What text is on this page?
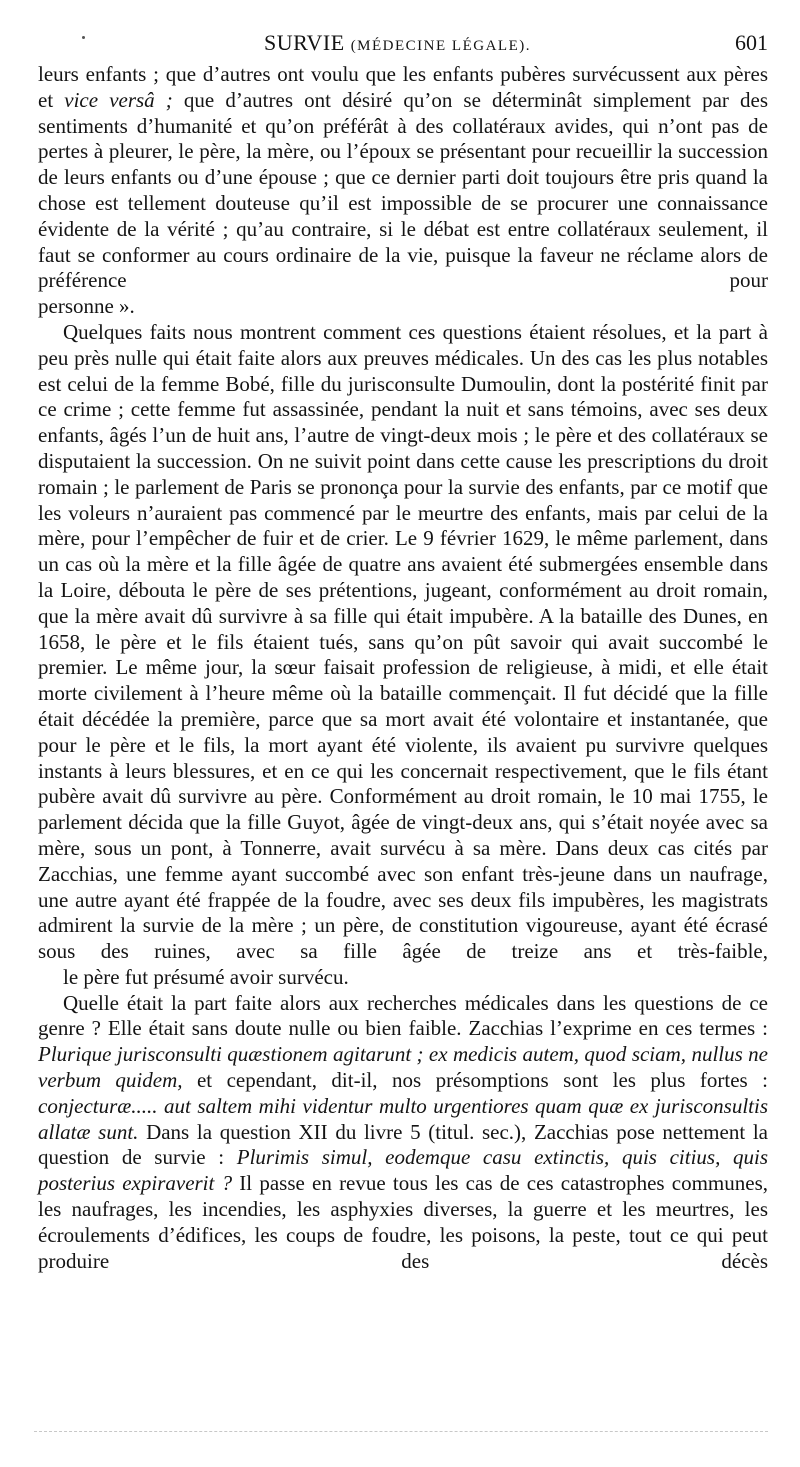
SURVIE (MÉDECINE LÉGALE).	601

leurs enfants ; que d’autres ont voulu que les enfants pubères survécussent aux pères et vice versâ ; que d’autres ont désiré qu’on se déterminât simplement par des sentiments d’humanité et qu’on préférât à des collatéraux avides, qui n’ont pas de pertes à pleurer, le père, la mère, ou l’époux se présentant pour recueillir la succession de leurs enfants ou d’une épouse ; que ce dernier parti doit toujours être pris quand la chose est tellement douteuse qu’il est impossible de se procurer une connaissance évidente de la vérité ; qu’au contraire, si le débat est entre collatéraux seulement, il faut se conformer au cours ordinaire de la vie, puisque la faveur ne réclame alors de préférence pour
personne ».

Quelques faits nous montrent comment ces questions étaient résolues, et la part à peu près nulle qui était faite alors aux preuves médicales. Un des cas les plus notables est celui de la femme Bobé, fille du jurisconsulte Dumoulin, dont la postérité finit par ce crime ; cette femme fut assassinée, pendant la nuit et sans témoins, avec ses deux enfants, âgés l’un de huit ans, l’autre de vingt-deux mois ; le père et des collatéraux se disputaient la succession. On ne suivit point dans cette cause les prescriptions du droit romain ; le parlement de Paris se prononça pour la survie des enfants, par ce motif que les voleurs n’auraient pas commencé par le meurtre des enfants, mais par celui de la mère, pour l’empêcher de fuir et de crier. Le 9 février 1629, le même parlement, dans un cas où la mère et la fille âgée de quatre ans avaient été submergées ensemble dans la Loire, débouta le père de ses prétentions, jugeant, conformément au droit romain, que la mère avait dû survivre à sa fille qui était impubère. A la bataille des Dunes, en 1658, le père et le fils étaient tués, sans qu’on pût savoir qui avait succombé le premier. Le même jour, la sœur faisait profession de religieuse, à midi, et elle était morte civilement à l’heure même où la bataille commençait. Il fut décidé que la fille était décédée la première, parce que sa mort avait été volontaire et instantanée, que pour le père et le fils, la mort ayant été violente, ils avaient pu survivre quelques instants à leurs blessures, et en ce qui les concernait respectivement, que le fils étant pubère avait dû survivre au père. Conformément au droit romain, le 10 mai 1755, le parlement décida que la fille Guyot, âgée de vingt-deux ans, qui s’était noyée avec sa mère, sous un pont, à Tonnerre, avait survécu à sa mère. Dans deux cas cités par Zacchias, une femme ayant succombé avec son enfant très-jeune dans un naufrage, une autre ayant été frappée de la foudre, avec ses deux fils impubères, les magistrats admirent la survie de la mère ; un père, de constitution vigoureuse, ayant été écrasé sous des ruines, avec sa fille âgée de treize ans et très-faible,
le père fut présumé avoir survécu.

Quelle était la part faite alors aux recherches médicales dans les questions de ce genre ? Elle était sans doute nulle ou bien faible. Zacchias l’exprime en ces termes : Plurique jurisconsulti quæstionem agitarunt ; ex medicis autem, quod sciam, nullus ne verbum quidem, et cependant, dit-il, nos présomptions sont les plus fortes : conjecturæ..... aut saltem mihi videntur multo urgentiores quam quæ ex jurisconsultis allatæ sunt. Dans la question XII du livre 5 (titul. sec.), Zacchias pose nettement la question de survie : Plurimis simul, eodemque casu extinctis, quis citius, quis posterius expiraverit ? Il passe en revue tous les cas de ces catastrophes communes, les naufrages, les incendies, les asphyxies diverses, la guerre et les meurtres, les écroulements d’édifices, les coups de foudre, les poisons, la peste, tout ce qui peut produire des décès
